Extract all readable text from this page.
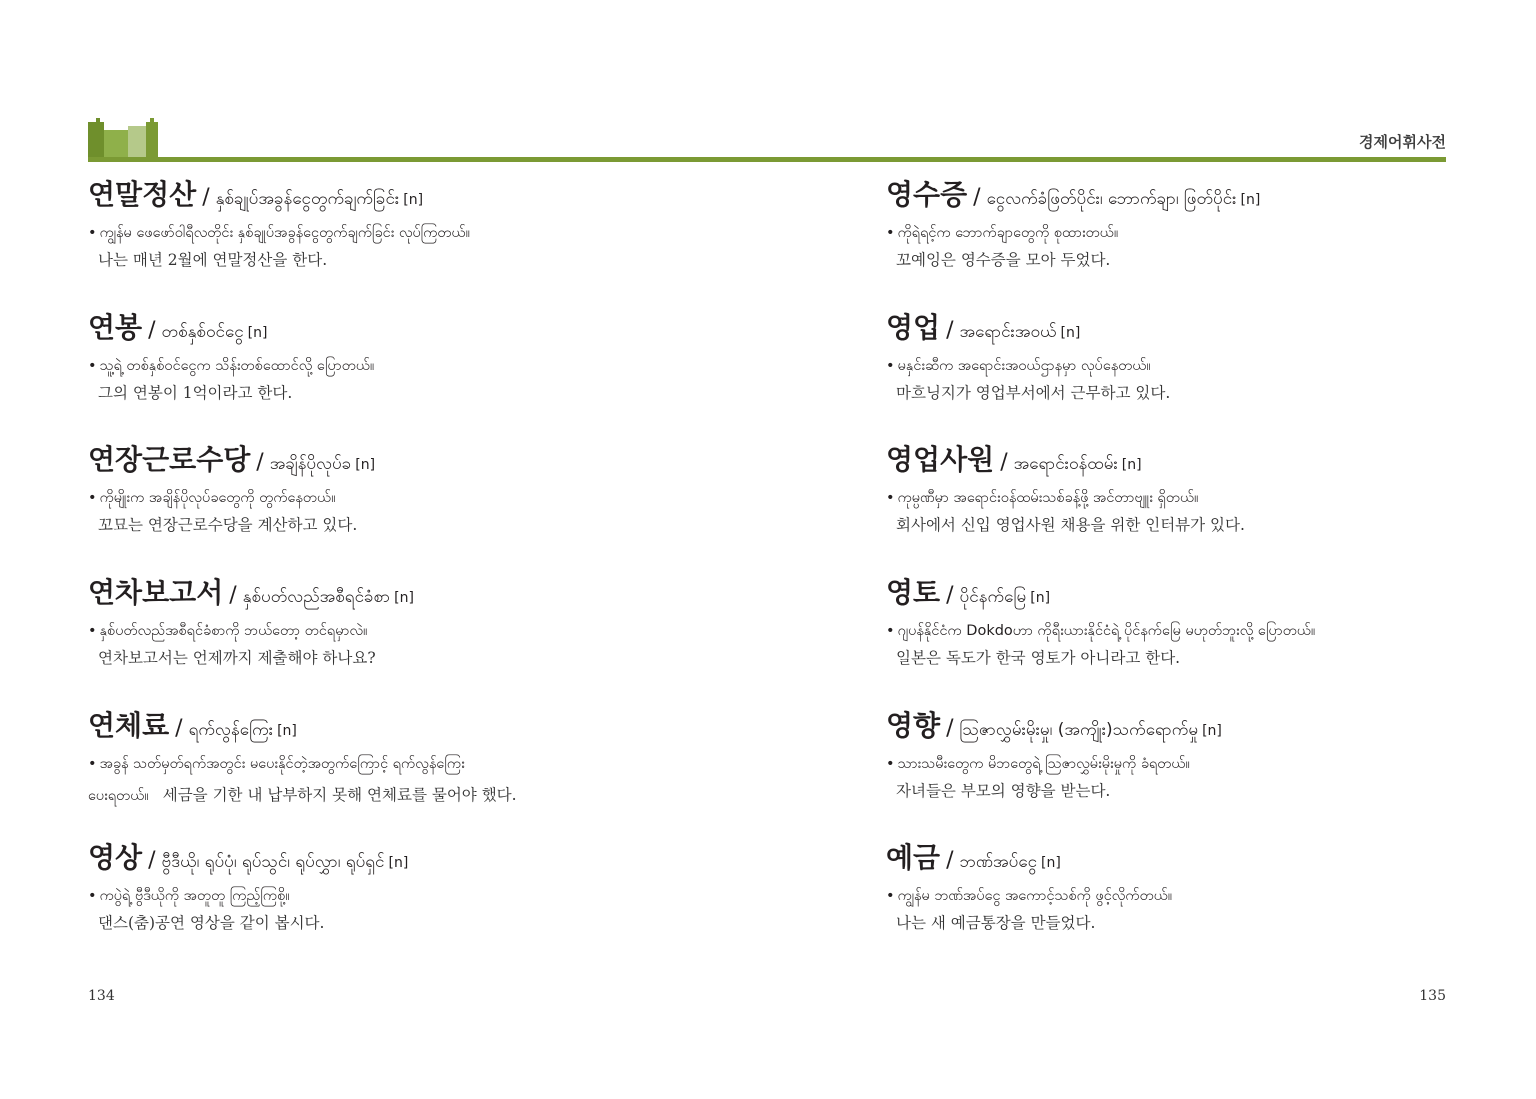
경제어휘사전
연말정산 / နှစ်ချုပ်အခွန်ငွေတွက်ချက်ခြင်း [n]
• ကျွန်မ ဖေဖော်ဝါရီလတိုင်း နှစ်ချုပ်အခွန်ငွေတွက်ချက်ခြင်း လုပ်ကြတယ်။
나는 매년 2월에 연말정산을 한다.
연봉 / တစ်နှစ်ဝင်ငွေ [n]
• သူ့ရဲ့ တစ်နှစ်ဝင်ငွေက သိန်းတစ်ထောင်လို့ ပြောတယ်။
그의 연봉이 1억이라고 한다.
연장근로수당 / အချိန်ပိုလုပ်ခ [n]
• ကိုမျိုးက အချိန်ပိုလုပ်ခတွေကို တွက်နေတယ်။
꼬묘는 연장근로수당을 계산하고 있다.
연차보고서 / နှစ်ပတ်လည်အစီရင်ခံစာ [n]
• နှစ်ပတ်လည်အစီရင်ခံစာကို ဘယ်တော့ တင်ရမှာလဲ။
연차보고서는 언제까지 제출해야 하나요?
연체료 / ရက်လွန်ကြေး [n]
• အခွန် သတ်မှတ်ရက်အတွင်း မပေးနိုင်တဲ့အတွက်ကြောင့် ရက်လွန်ကြေး
ပေးရတယ်။ 세금을 기한 내 납부하지 못해 연체료를 물어야 했다.
영상 / ဗွီဒီယို၊ ရုပ်ပုံ၊ ရုပ်သွင်၊ ရုပ်လွှာ၊ ရုပ်ရှင် [n]
• ကပွဲရဲ့ ဗွီဒီယိုကို အတူတူ ကြည့်ကြစို့။
댄스(춤)공연 영상을 같이 봅시다.
영수증 / ငွေလက်ခံဖြတ်ပိုင်း၊ ဘောက်ချာ၊ ဖြတ်ပိုင်း [n]
• ကိုရဲရင့်က ဘောက်ချာတွေကို စုထားတယ်။
꼬예잉은 영수증을 모아 두었다.
영업 / အရောင်းအဝယ် [n]
• မနှင်းဆီက အရောင်းအဝယ်ဌာနမှာ လုပ်နေတယ်။
마흐닝지가 영업부서에서 근무하고 있다.
영업사원 / အရောင်းဝန်ထမ်း [n]
• ကုမ္ပဏီမှာ အရောင်းဝန်ထမ်းသစ်ခန့်ဖို့ အင်တာဗျူး ရှိတယ်။
회사에서 신입 영업사원 채용을 위한 인터뷰가 있다.
영토 / ပိုင်နက်မြေ [n]
• ဂျပန်နိုင်ငံက Dokdoဟာ ကိုရီးယားနိုင်ငံရဲ့ ပိုင်နက်မြေ မဟုတ်ဘူးလို့ ပြောတယ်။
일본은 독도가 한국 영토가 아니라고 한다.
영향 / ဩဇာလွှမ်းမိုးမှု၊ (အကျိုး)သက်ရောက်မှု [n]
• သားသမီးတွေက မိဘတွေရဲ့ ဩဇာလွှမ်းမိုးမှုကို ခံရတယ်။
자녀들은 부모의 영향을 받는다.
예금 / ဘဏ်အပ်ငွေ [n]
• ကျွန်မ ဘဏ်အပ်ငွေ အကောင့်သစ်ကို ဖွင့်လိုက်တယ်။
나는 새 예금통장을 만들었다.
134	135
